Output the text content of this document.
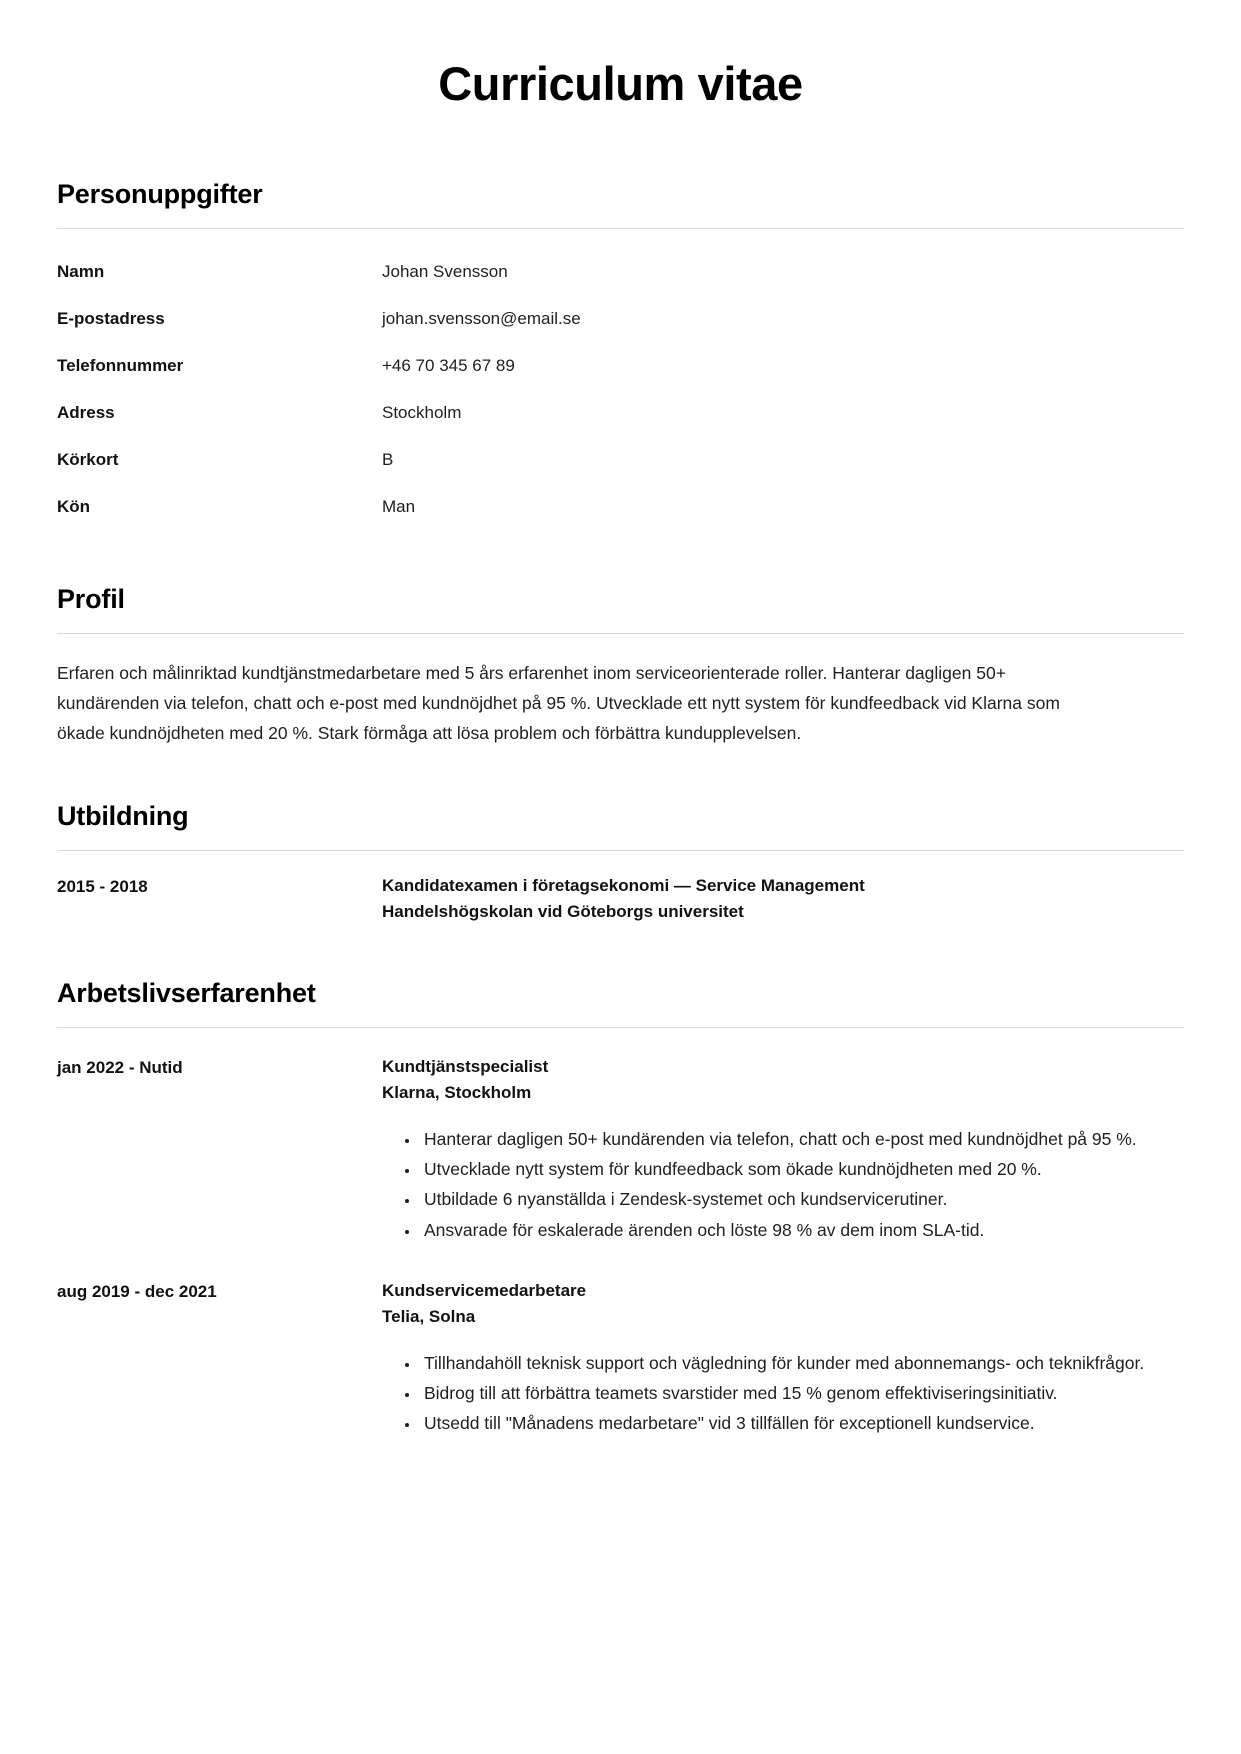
Curriculum vitae
Personuppgifter
Namn	Johan Svensson
E-postadress	johan.svensson@email.se
Telefonnummer	+46 70 345 67 89
Adress	Stockholm
Körkort	B
Kön	Man
Profil

Erfaren och målinriktad kundtjänstmedarbetare med 5 års erfarenhet inom serviceorienterade roller. Hanterar dagligen 50+ kundärenden via telefon, chatt och e-post med kundnöjdhet på 95 %. Utvecklade ett nytt system för kundfeedback vid Klarna som ökade kundnöjdheten med 20 %. Stark förmåga att lösa problem och förbättra kundupplevelsen.

Utbildning
2015 - 2018	Kandidatexamen i företagsekonomi — Service Management
Handelshögskolan vid Göteborgs universitet
Arbetslivserfarenhet
jan 2022 - Nutid	Kundtjänstspecialist
Klarna, Stockholm
• Hanterar dagligen 50+ kundärenden via telefon, chatt och e-post med kundnöjdhet på 95 %.
• Utvecklade nytt system för kundfeedback som ökade kundnöjdheten med 20 %.
• Utbildade 6 nyanställda i Zendesk-systemet och kundservicerutiner.
• Ansvarade för eskalerade ärenden och löste 98 % av dem inom SLA-tid.
aug 2019 - dec 2021	Kundservicemedarbetare
Telia, Solna
• Tillhandahöll teknisk support och vägledning för kunder med abonnemangs- och teknikfrågor.
• Bidrog till att förbättra teamets svarstider med 15 % genom effektiviseringsinitiativ.
• Utsedd till "Månadens medarbetare" vid 3 tillfällen för exceptionell kundservice.
